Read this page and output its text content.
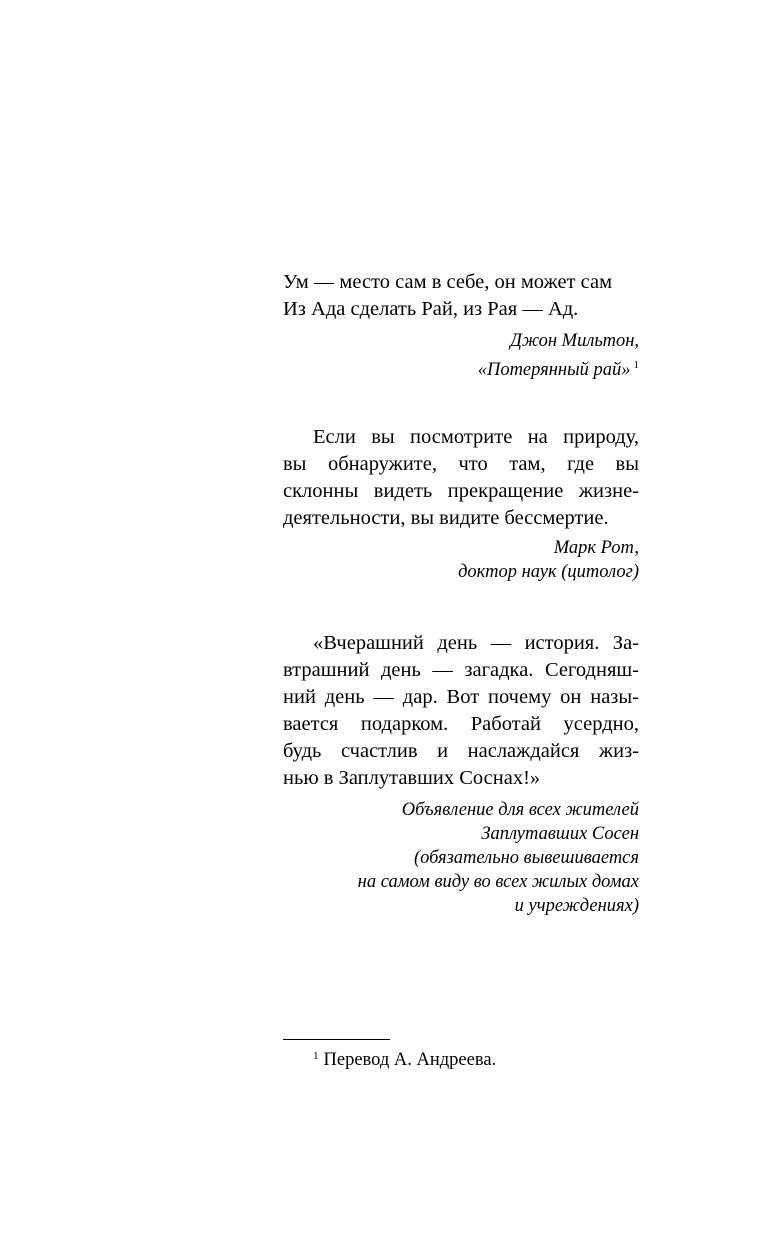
Ум — место сам в себе, он может сам
Из Ада сделать Рай, из Рая — Ад.
Джон Мильтон,
«Потерянный рай» $^1$
Если вы посмотрите на природу,
вы обнаружите, что там, где вы
склонны видеть прекращение жизне-
деятельности, вы видите бессмертие.
Марк Рот,
доктор наук (цитолог)
«Вчерашний день — история. За-
втрашний день — загадка. Сегодняш-
ний день — дар. Вот почему он назы-
вается подарком. Работай усердно,
будь счастлив и наслаждайся жиз-
нью в Заплутавших Соснах!»
Объявление для всех жителей
Заплутавших Сосен
(обязательно вывешивается
на самом виду во всех жилых домах
и учреждениях)
$^1$ Перевод А. Андреева.
